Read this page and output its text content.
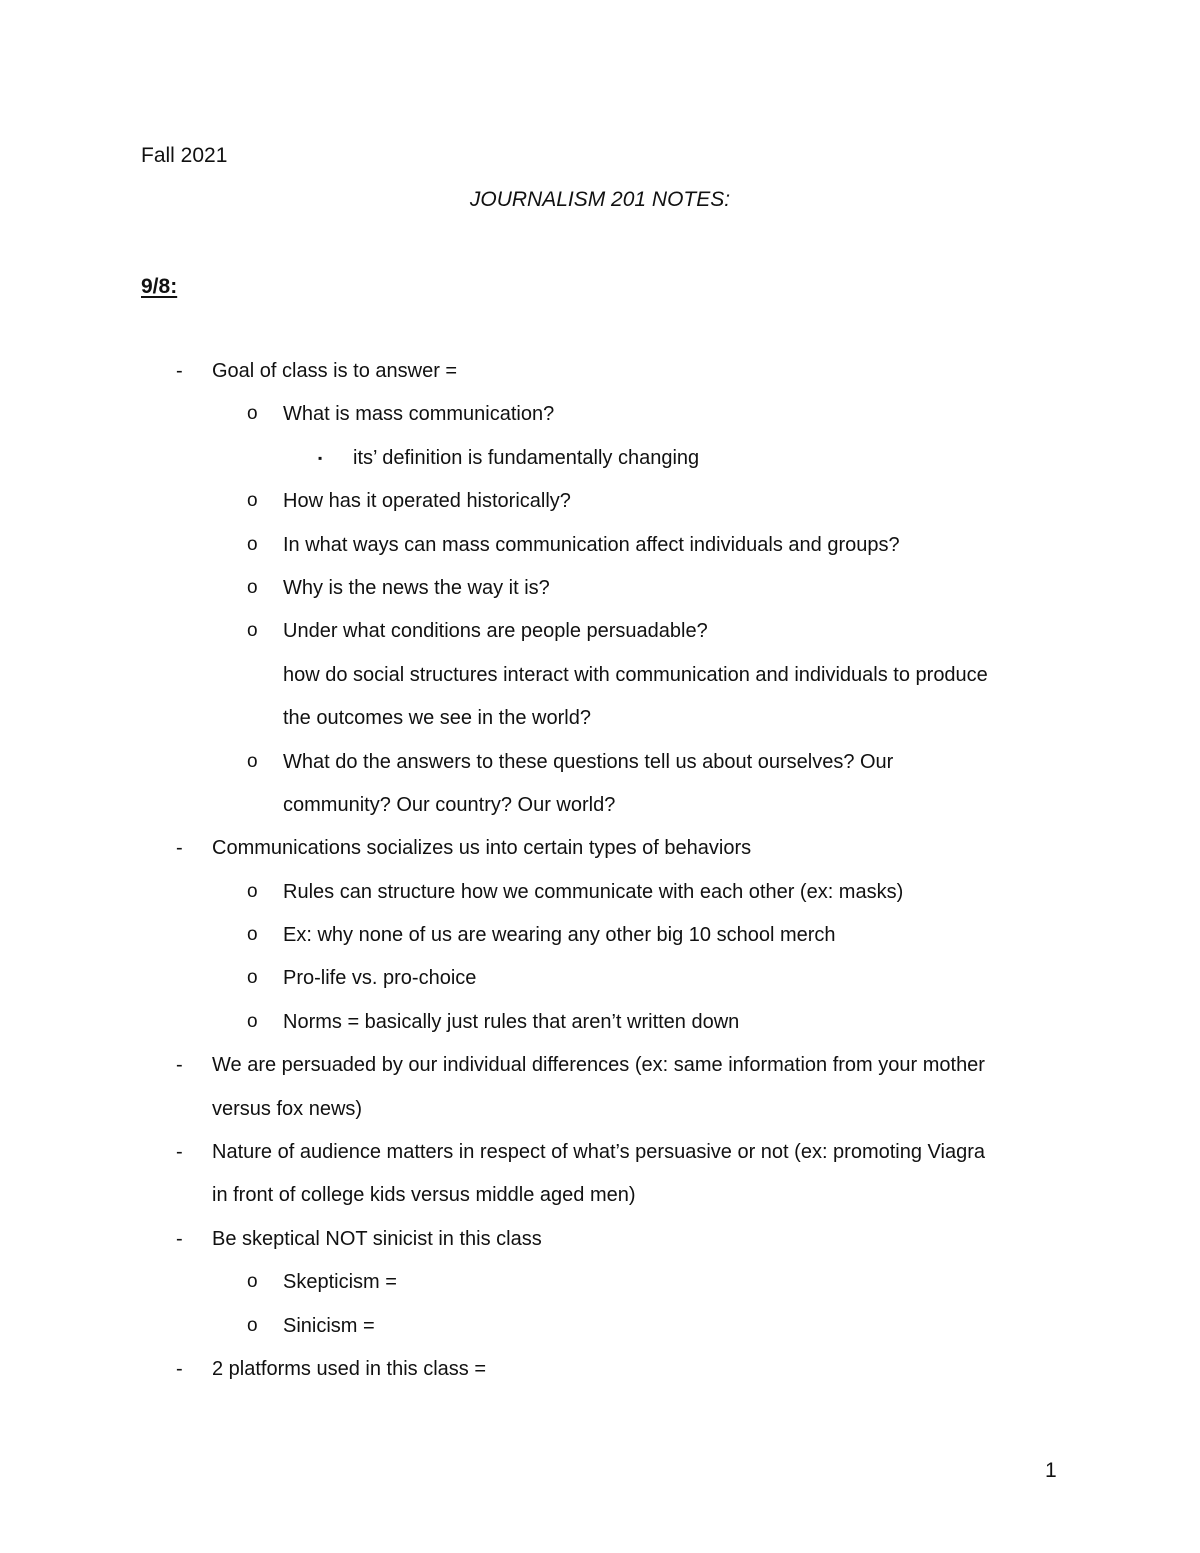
Fall 2021
JOURNALISM 201 NOTES:
9/8:
- Goal of class is to answer =
o What is mass communication?
▪ its’ definition is fundamentally changing
o How has it operated historically?
o In what ways can mass communication affect individuals and groups?
o Why is the news the way it is?
o Under what conditions are people persuadable?
how do social structures interact with communication and individuals to produce
the outcomes we see in the world?
o What do the answers to these questions tell us about ourselves? Our
community? Our country? Our world?
- Communications socializes us into certain types of behaviors
o Rules can structure how we communicate with each other (ex: masks)
o Ex: why none of us are wearing any other big 10 school merch
o Pro-life vs. pro-choice
o Norms = basically just rules that aren’t written down
- We are persuaded by our individual differences (ex: same information from your mother
versus fox news)
- Nature of audience matters in respect of what’s persuasive or not (ex: promoting Viagra
in front of college kids versus middle aged men)
- Be skeptical NOT sinicist in this class
o Skepticism =
o Sinicism =
- 2 platforms used in this class =
1
